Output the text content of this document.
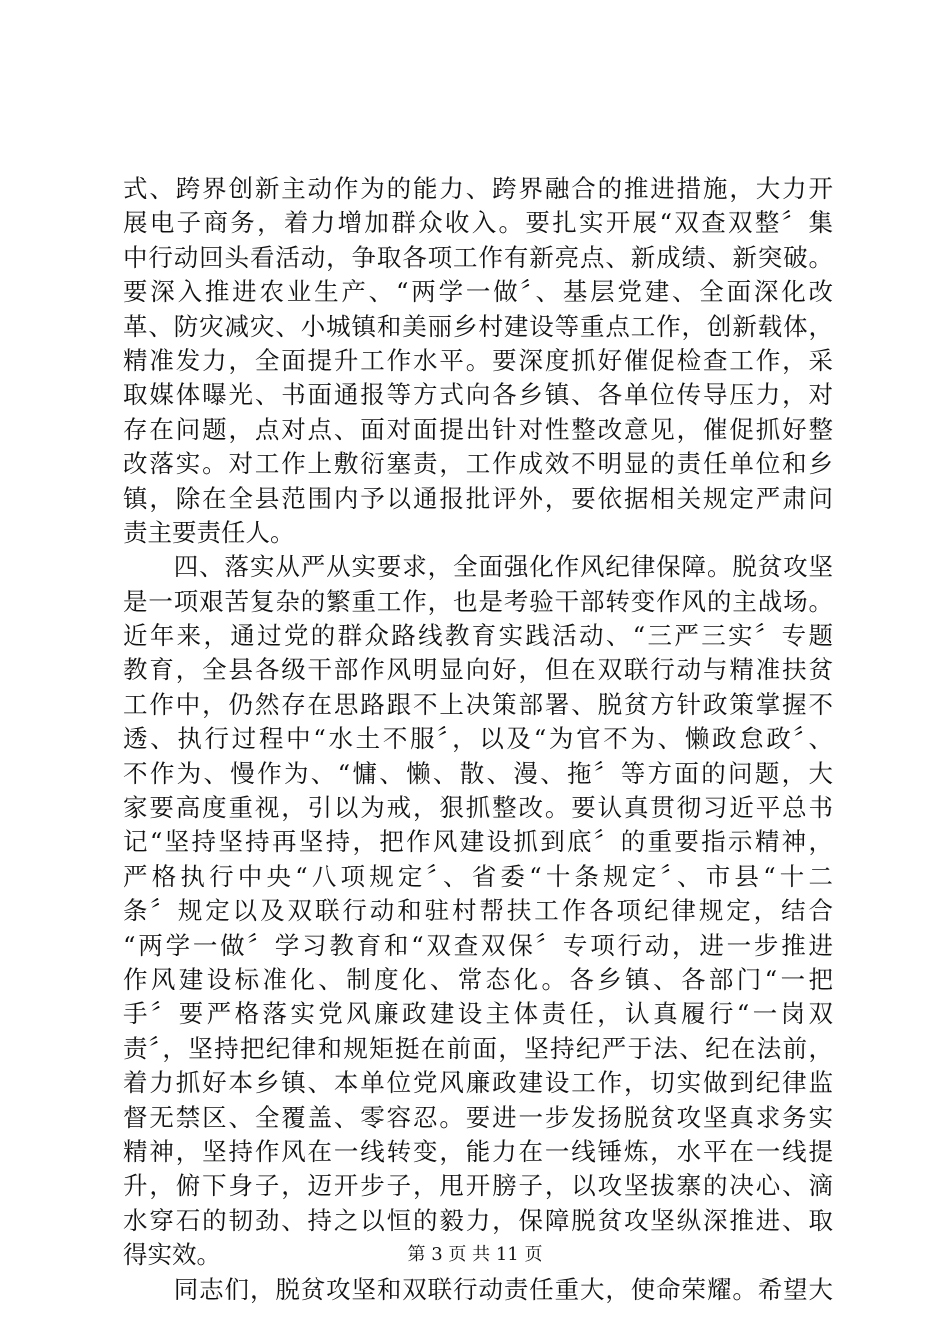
式、跨界创新主动作为的能力、跨界融合的推进措施，大力开
展电子商务，着力增加群众收入。要扎实开展“双查双整〞集
中行动回头看活动，争取各项工作有新亮点、新成绩、新突破。
要深入推进农业生产、“两学一做〞、基层党建、全面深化改
革、防灾减灾、小城镇和美丽乡村建设等重点工作，创新载体，
精准发力，全面提升工作水平。要深度抓好催促检查工作，采
取媒体曝光、书面通报等方式向各乡镇、各单位传导压力，对
存在问题，点对点、面对面提出针对性整改意见，催促抓好整
改落实。对工作上敷衍塞责，工作成效不明显的责任单位和乡
镇，除在全县范围内予以通报批评外，要依据相关规定严肃问
责主要责任人。
　　四、落实从严从实要求，全面强化作风纪律保障。脱贫攻坚
是一项艰苦复杂的繁重工作，也是考验干部转变作风的主战场。
近年来，通过党的群众路线教育实践活动、“三严三实〞专题
教育，全县各级干部作风明显向好，但在双联行动与精准扶贫
工作中，仍然存在思路跟不上决策部署、脱贫方针政策掌握不
透、执行过程中“水土不服〞，以及“为官不为、懒政怠政〞、
不作为、慢作为、“慵、懒、散、漫、拖〞等方面的问题，大
家要高度重视，引以为戒，狠抓整改。要认真贯彻习近平总书
记“坚持坚持再坚持，把作风建设抓到底〞的重要指示精神，
严格执行中央“八项规定〞、省委“十条规定〞、市县“十二
条〞规定以及双联行动和驻村帮扶工作各项纪律规定，结合
“两学一做〞学习教育和“双查双保〞专项行动，进一步推进
作风建设标准化、制度化、常态化。各乡镇、各部门“一把
手〞要严格落实党风廉政建设主体责任，认真履行“一岗双
责〞，坚持把纪律和规矩挺在前面，坚持纪严于法、纪在法前，
着力抓好本乡镇、本单位党风廉政建设工作，切实做到纪律监
督无禁区、全覆盖、零容忍。要进一步发扬脱贫攻坚真求务实
精神，坚持作风在一线转变，能力在一线锤炼，水平在一线提
升，俯下身子，迈开步子，甩开膀子，以攻坚拔寨的决心、滴
水穿石的韧劲、持之以恒的毅力，保障脱贫攻坚纵深推进、取
得实效。
　　同志们，脱贫攻坚和双联行动责任重大，使命荣耀。希望大
第 3 页 共 11 页
